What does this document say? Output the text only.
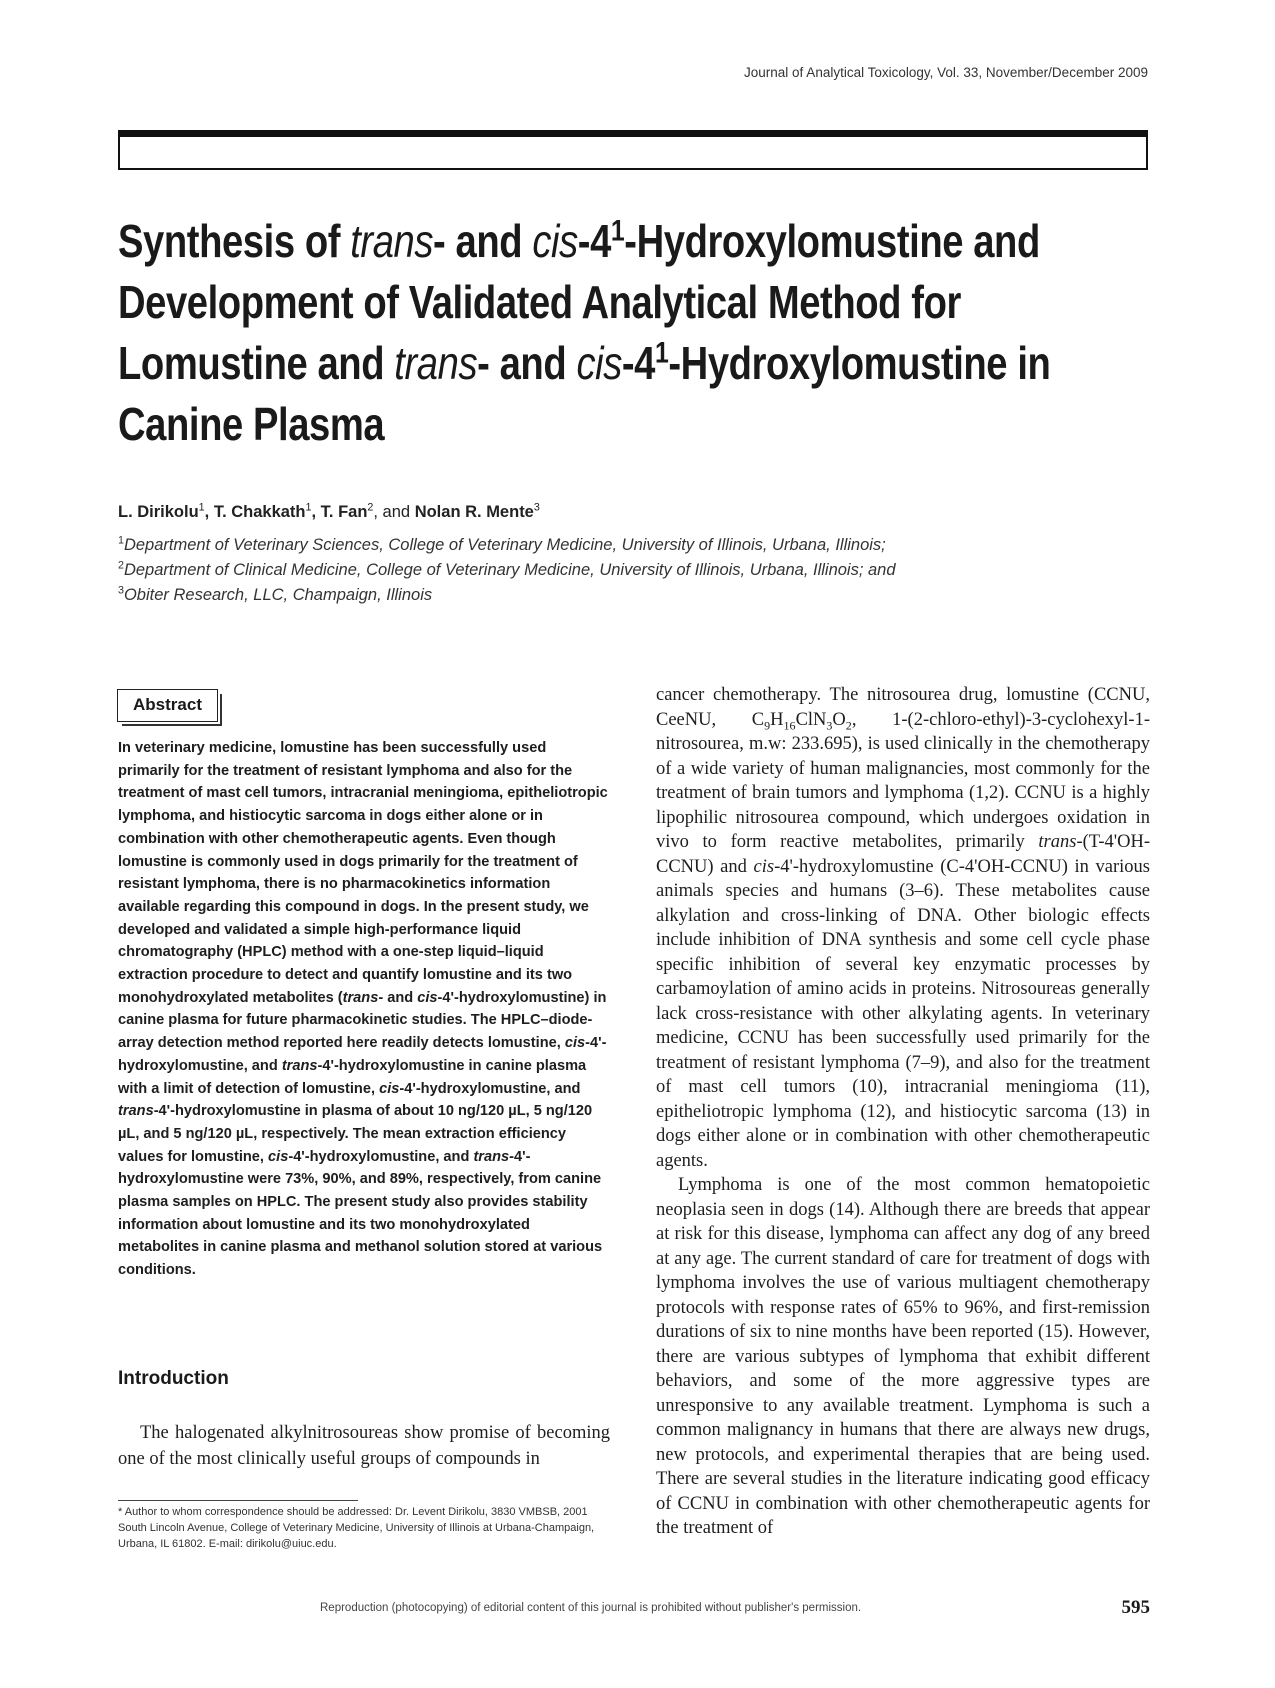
Journal of Analytical Toxicology, Vol. 33, November/December 2009
Synthesis of trans- and cis-$4^1$-Hydroxylomustine and
Development of Validated Analytical Method for
Lomustine and trans- and cis-$4^1$-Hydroxylomustine in
Canine Plasma
L. Dirikolu$^1$, T. Chakkath$^1$, T. Fan$^2$, and Nolan R. Mente$^3$
$^1$Department of Veterinary Sciences, College of Veterinary Medicine, University of Illinois, Urbana, Illinois;
$^2$Department of Clinical Medicine, College of Veterinary Medicine, University of Illinois, Urbana, Illinois; and
$^3$Obiter Research, LLC, Champaign, Illinois
Abstract

In veterinary medicine, lomustine has been successfully used primarily for the treatment of resistant lymphoma and also for the treatment of mast cell tumors, intracranial meningioma, epitheliotropic lymphoma, and histiocytic sarcoma in dogs either alone or in combination with other chemotherapeutic agents. Even though lomustine is commonly used in dogs primarily for the treatment of resistant lymphoma, there is no pharmacokinetics information available regarding this compound in dogs. In the present study, we developed and validated a simple high-performance liquid chromatography (HPLC) method with a one-step liquid–liquid extraction procedure to detect and quantify lomustine and its two monohydroxylated metabolites (trans- and cis-4'-hydroxylomustine) in canine plasma for future pharmacokinetic studies. The HPLC–diode-array detection method reported here readily detects lomustine, cis-4'-hydroxylomustine, and trans-4'-hydroxylomustine in canine plasma with a limit of detection of lomustine, cis-4'-hydroxylomustine, and trans-4'-hydroxylomustine in plasma of about 10 ng/120 µL, 5 ng/120 µL, and 5 ng/120 µL, respectively. The mean extraction efficiency values for lomustine, cis-4'-hydroxylomustine, and trans-4'-hydroxylomustine were 73%, 90%, and 89%, respectively, from canine plasma samples on HPLC. The present study also provides stability information about lomustine and its two monohydroxylated metabolites in canine plasma and methanol solution stored at various conditions.

Introduction

The halogenated alkylnitrosoureas show promise of becoming one of the most clinically useful groups of compounds in

* Author to whom correspondence should be addressed: Dr. Levent Dirikolu, 3830 VMBSB, 2001 South Lincoln Avenue, College of Veterinary Medicine, University of Illinois at Urbana-Champaign, Urbana, IL 61802. E-mail: dirikolu@uiuc.edu.

cancer chemotherapy. The nitrosourea drug, lomustine (CCNU, CeeNU, $C_9H_{16}ClN_3O_2$, 1-(2-chloro-ethyl)-3-cyclohexyl-1-nitrosourea, m.w: 233.695), is used clinically in the chemotherapy of a wide variety of human malignancies, most commonly for the treatment of brain tumors and lymphoma (1,2). CCNU is a highly lipophilic nitrosourea compound, which undergoes oxidation in vivo to form reactive metabolites, primarily trans-(T-4'OH-CCNU) and cis-4'-hydroxylomustine (C-4'OH-CCNU) in various animals species and humans (3–6). These metabolites cause alkylation and cross-linking of DNA. Other biologic effects include inhibition of DNA synthesis and some cell cycle phase specific inhibition of several key enzymatic processes by carbamoylation of amino acids in proteins. Nitrosoureas generally lack cross-resistance with other alkylating agents. In veterinary medicine, CCNU has been successfully used primarily for the treatment of resistant lymphoma (7–9), and also for the treatment of mast cell tumors (10), intracranial meningioma (11), epitheliotropic lymphoma (12), and histiocytic sarcoma (13) in dogs either alone or in combination with other chemotherapeutic agents.

Lymphoma is one of the most common hematopoietic neoplasia seen in dogs (14). Although there are breeds that appear at risk for this disease, lymphoma can affect any dog of any breed at any age. The current standard of care for treatment of dogs with lymphoma involves the use of various multiagent chemotherapy protocols with response rates of 65% to 96%, and first-remission durations of six to nine months have been reported (15). However, there are various subtypes of lymphoma that exhibit different behaviors, and some of the more aggressive types are unresponsive to any available treatment. Lymphoma is such a common malignancy in humans that there are always new drugs, new protocols, and experimental therapies that are being used. There are several studies in the literature indicating good efficacy of CCNU in combination with other chemotherapeutic agents for the treatment of

Reproduction (photocopying) of editorial content of this journal is prohibited without publisher's permission.	595
